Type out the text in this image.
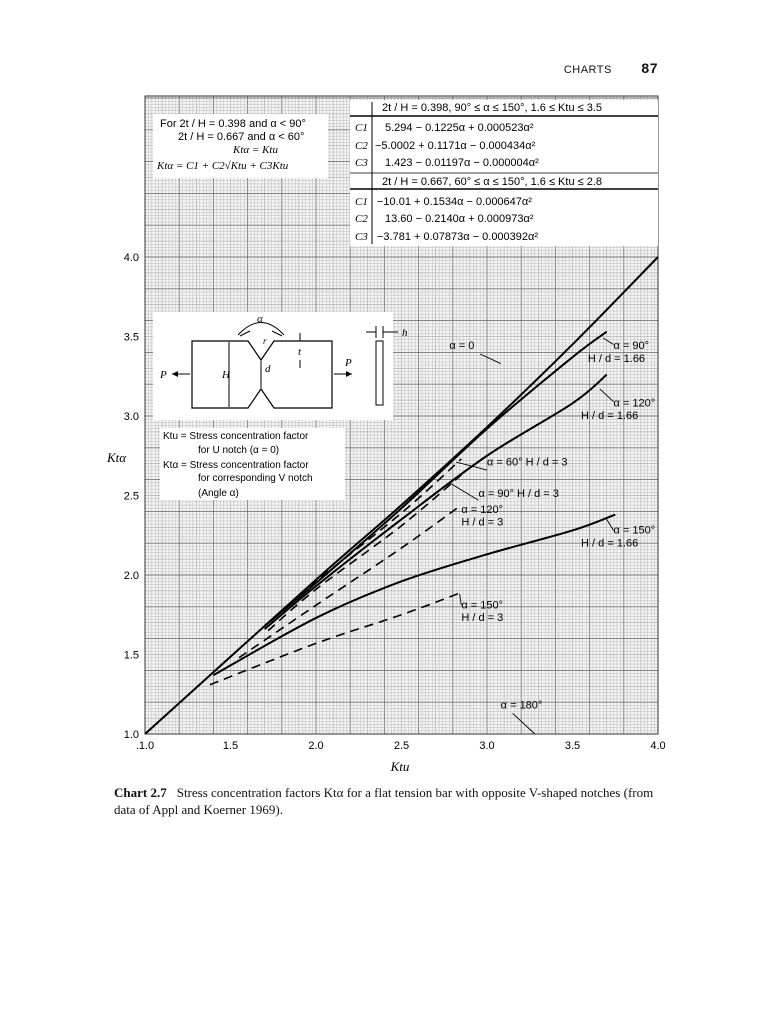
CHARTS 87
.1.0	1.5	2.0	2.5	3.0	3.5	4.0
1.0
1.5
2.0
2.5
3.0
3.5
4.0
Ktu
Ktα
α = 0	α = 90°
H / d = 1.66
α = 120°
H / d = 1.66
α = 60° H / d = 3
α = 90° H / d = 3
α = 120°
H / d = 3
α = 150°
H / d = 1.66
α = 150°
H / d = 3
α = 180°
For 2t / H = 0.398 and α < 90°
2t / H = 0.667 and α < 60°
Ktα = Ktu
Ktα = C1 + C2√Ktu + C3Ktu
2t / H = 0.398, 90° ≤ α ≤ 150°, 1.6 ≤ Ktu ≤ 3.5
C1 5.294 − 0.1225α + 0.000523α²
C2 −5.0002 + 0.1171α − 0.000434α²
C3 1.423 − 0.01197α − 0.000004α²
2t / H = 0.667, 60° ≤ α ≤ 150°, 1.6 ≤ Ktu ≤ 2.8
C1 −10.01 + 0.1534α − 0.000647α²
C2 13.60 − 0.2140α + 0.000973α²
C3 −3.781 + 0.07873α − 0.000392α²
α
r
t
H	d
P
P
h
Ktu = Stress concentration factor
for U notch (α = 0)
Ktα = Stress concentration factor
for corresponding V notch
(Angle α)
Chart 2.7 Stress concentration factors Ktα for a flat tension bar with opposite V-shaped notches (from data of Appl and Koerner 1969).
